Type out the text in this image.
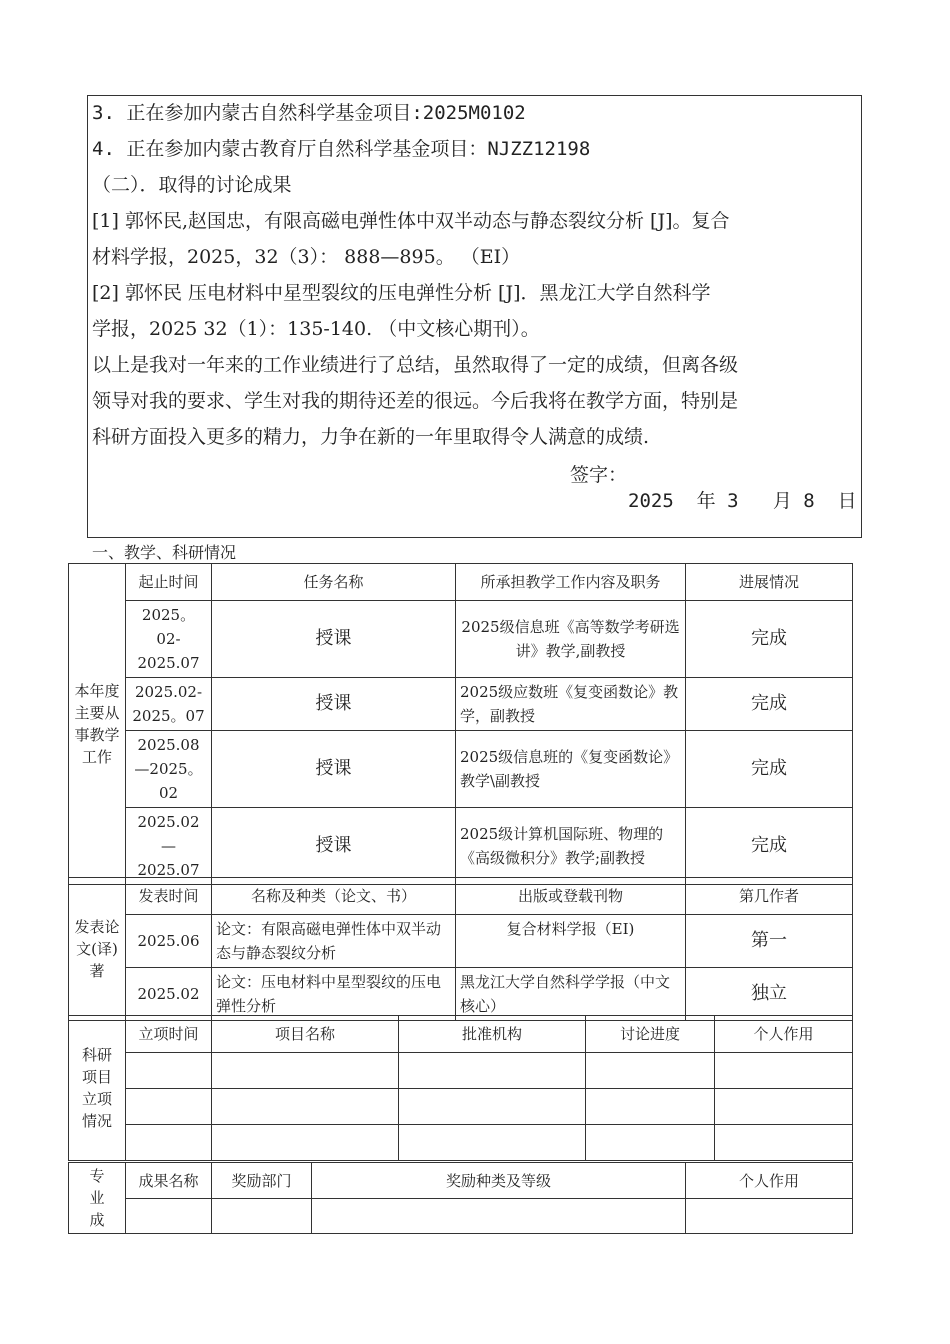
3. 正在参加内蒙古自然科学基金项目:2025M0102
4. 正在参加内蒙古教育厅自然科学基金项目：NJZZ12198
（二）．取得的讨论成果
[1] 郭怀民,赵国忠，有限高磁电弹性体中双半动态与静态裂纹分析 [J]。复合
材料学报，2025，32（3）： 888—895。 （EI）
[2] 郭怀民 压电材料中星型裂纹的压电弹性分析 [J]．黑龙江大学自然科学
学报，2025 32（1）：135-140. （中文核心期刊）。
以上是我对一年来的工作业绩进行了总结，虽然取得了一定的成绩，但离各级
领导对我的要求、学生对我的期待还差的很远。今后我将在教学方面，特别是
科研方面投入更多的精力，力争在新的一年里取得令人满意的成绩.
签字：
2025  年 3   月 8  日
一、教学、科研情况
本年度主要从事教学工作	起止时间	任务名称	所承担教学工作内容及职务	进展情况
	2025。02-2025.07	授课	2025级信息班《高等数学考研选讲》教学,副教授	完成
	2025.02-2025。07	授课	2025级应数班《复变函数论》教学，副教授	完成
	2025.08—2025。02	授课	2025级信息班的《复变函数论》教学\副教授	完成
	2025.02—2025.07	授课	2025级计算机国际班、物理的《高级微积分》教学;副教授	完成
发表论文(译)著	发表时间	名称及种类（论文、书）	出版或登载刊物	第几作者
	2025.06	论文：有限高磁电弹性体中双半动态与静态裂纹分析	复合材料学报（EI)	第一
	2025.02	论文：压电材料中星型裂纹的压电弹性分析	黑龙江大学自然科学学报（中文核心）	独立
科研项目立项情况	立项时间	项目名称	批准机构	讨论进度	个人作用

专业成	成果名称	奖励部门	奖励种类及等级	个人作用
